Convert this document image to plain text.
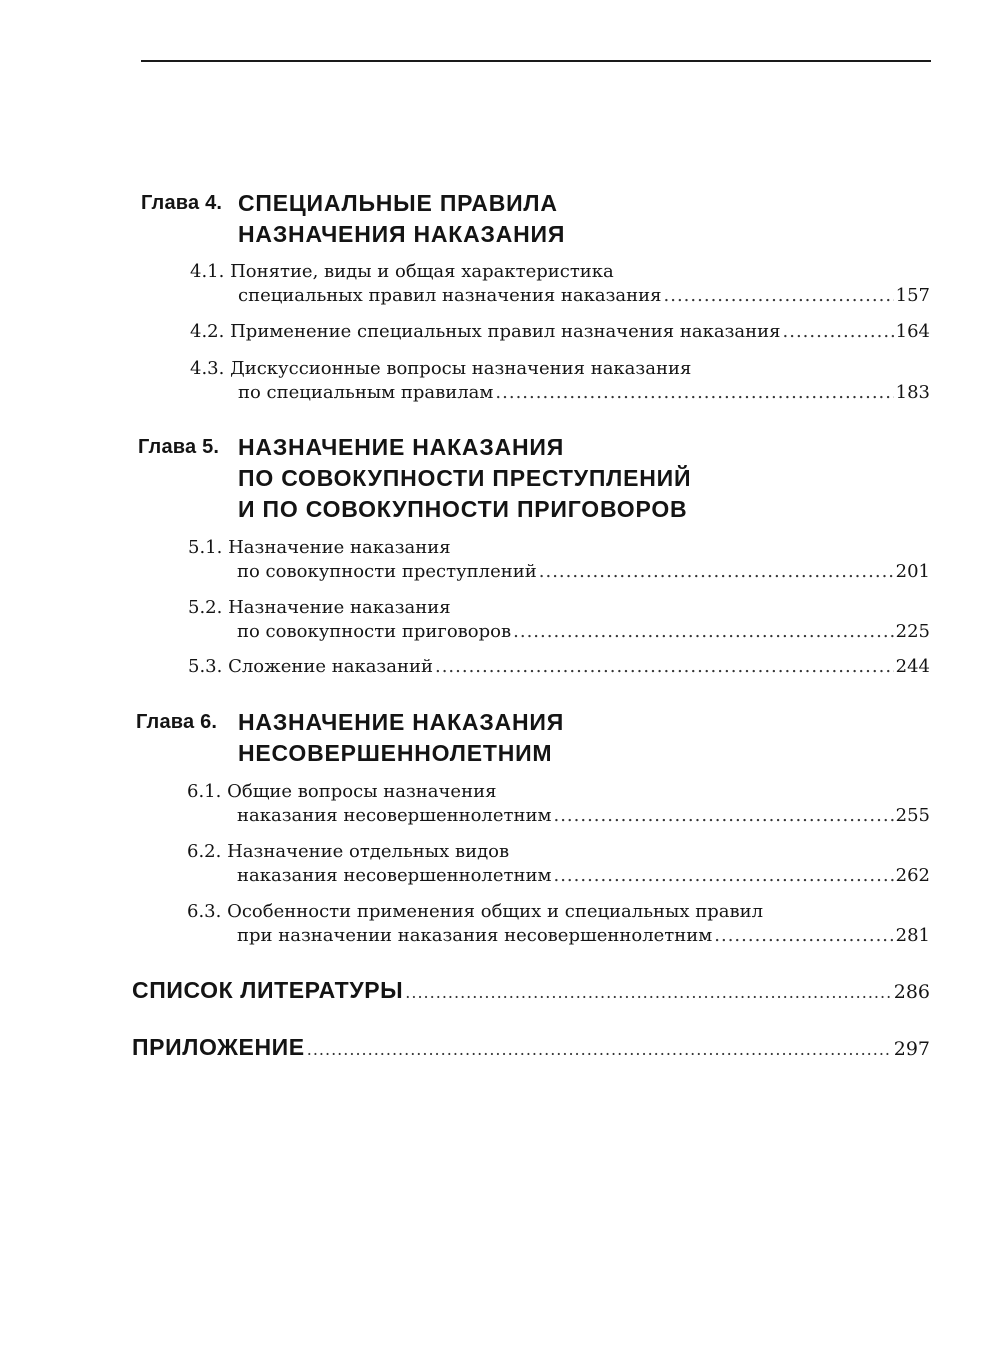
Глава 4. СПЕЦИАЛЬНЫЕ ПРАВИЛА
НАЗНАЧЕНИЯ НАКАЗАНИЯ
4.1. Понятие, виды и общая характеристика
специальных правил назначения наказания .....	157
4.2.
Применение специальных правил назначения наказания .....	164
4.3. Дискуссионные вопросы назначения наказания
по специальным правилам .....	183
Глава 5. НАЗНАЧЕНИЕ НАКАЗАНИЯ
ПО СОВОКУПНОСТИ ПРЕСТУПЛЕНИЙ
И ПО СОВОКУПНОСТИ ПРИГОВОРОВ
5.1. Назначение наказания
по совокупности преступлений .....	201
5.2. Назначение наказания
по совокупности приговоров .....	225
5.3.
Сложение наказаний .....	244
Глава 6. НАЗНАЧЕНИЕ НАКАЗАНИЯ
НЕСОВЕРШЕННОЛЕТНИМ
6.1. Общие вопросы назначения
наказания несовершеннолетним .....	255
6.2. Назначение отдельных видов
наказания несовершеннолетним .....	262
6.3. Особенности применения общих и специальных правил
при назначении наказания несовершеннолетним .....	281
СПИСОК ЛИТЕРАТУРЫ .....	286
ПРИЛОЖЕНИЕ .....	297
